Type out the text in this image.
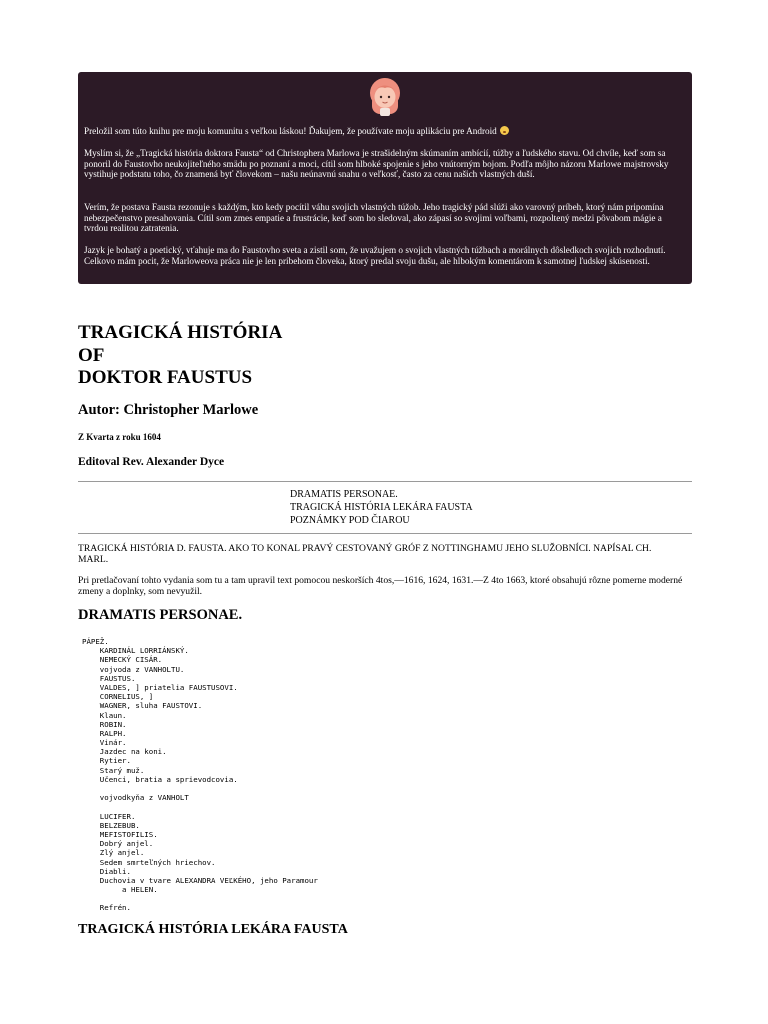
Preložil som túto knihu pre moju komunitu s veľkou láskou! Ďakujem, že používate moju aplikáciu pre Android

Myslím si, že „Tragická história doktora Fausta“ od Christophera Marlowa je strašidelným skúmaním ambícií, túžby a ľudského stavu. Od chvíle, keď som sa ponoril do Faustovho neukojiteľného smädu po poznaní a moci, cítil som hlboké spojenie s jeho vnútorným bojom. Podľa môjho názoru Marlowe majstrovsky vystihuje podstatu toho, čo znamená byť človekom – našu neúnavnú snahu o veľkosť, často za cenu našich vlastných duší.

Verím, že postava Fausta rezonuje s každým, kto kedy pocítil váhu svojich vlastných túžob. Jeho tragický pád slúži ako varovný príbeh, ktorý nám pripomína nebezpečenstvo presahovania. Cítil som zmes empatie a frustrácie, keď som ho sledoval, ako zápasí so svojimi voľbami, rozpoltený medzi pôvabom mágie a tvrdou realitou zatratenia.

Jazyk je bohatý a poetický, vťahuje ma do Faustovho sveta a zistil som, že uvažujem o svojich vlastných túžbach a morálnych dôsledkoch svojich rozhodnutí. Celkovo mám pocit, že Marloweova práca nie je len príbehom človeka, ktorý predal svoju dušu, ale hlbokým komentárom k samotnej ľudskej skúsenosti.

TRAGICKÁ HISTÓRIA
OF
DOKTOR FAUSTUS
Autor: Christopher Marlowe
Z Kvarta z roku 1604
Editoval Rev. Alexander Dyce
DRAMATIS PERSONAE.
TRAGICKÁ HISTÓRIA LEKÁRA FAUSTA
POZNÁMKY POD ČIAROU

TRAGICKÁ HISTÓRIA D. FAUSTA. AKO TO KONAL PRAVÝ CESTOVANÝ GRÓF Z NOTTINGHAMU JEHO SLUŽOBNÍCI. NAPÍSAL CH. MARL.

Pri pretlačovaní tohto vydania som tu a tam upravil text pomocou neskorších 4tos,—1616, 1624, 1631.—Z 4to 1663, ktoré obsahujú rôzne pomerne moderné zmeny a doplnky, som nevyužil.

DRAMATIS PERSONAE.
PÁPEŽ.
KARDINÁL LORRIÁNSKÝ.
NEMECKÝ CISÁR.
vojvoda z VANHOLTU.
FAUSTUS.
VALDES, ] priatelia FAUSTUSOVI.
CORNELIUS, ]
WAGNER, sluha FAUSTOVI.
Klaun.
ROBIN.
RALPH.
Vinár.
Jazdec na koni.
Rytier.
Starý muž.
Učenci, bratia a sprievodcovia.
vojvodkyňa z VANHOLT
LUCIFER.
BELZEBUB.
MEFISTOFILIS.
Dobrý anjel.
Zlý anjel.
Sedem smrteľných hriechov.
Diabli.
Duchovia v tvare ALEXANDRA VEĽKÉHO, jeho Paramour
a HELEN.
Refrén.
TRAGICKÁ HISTÓRIA LEKÁRA FAUSTA
